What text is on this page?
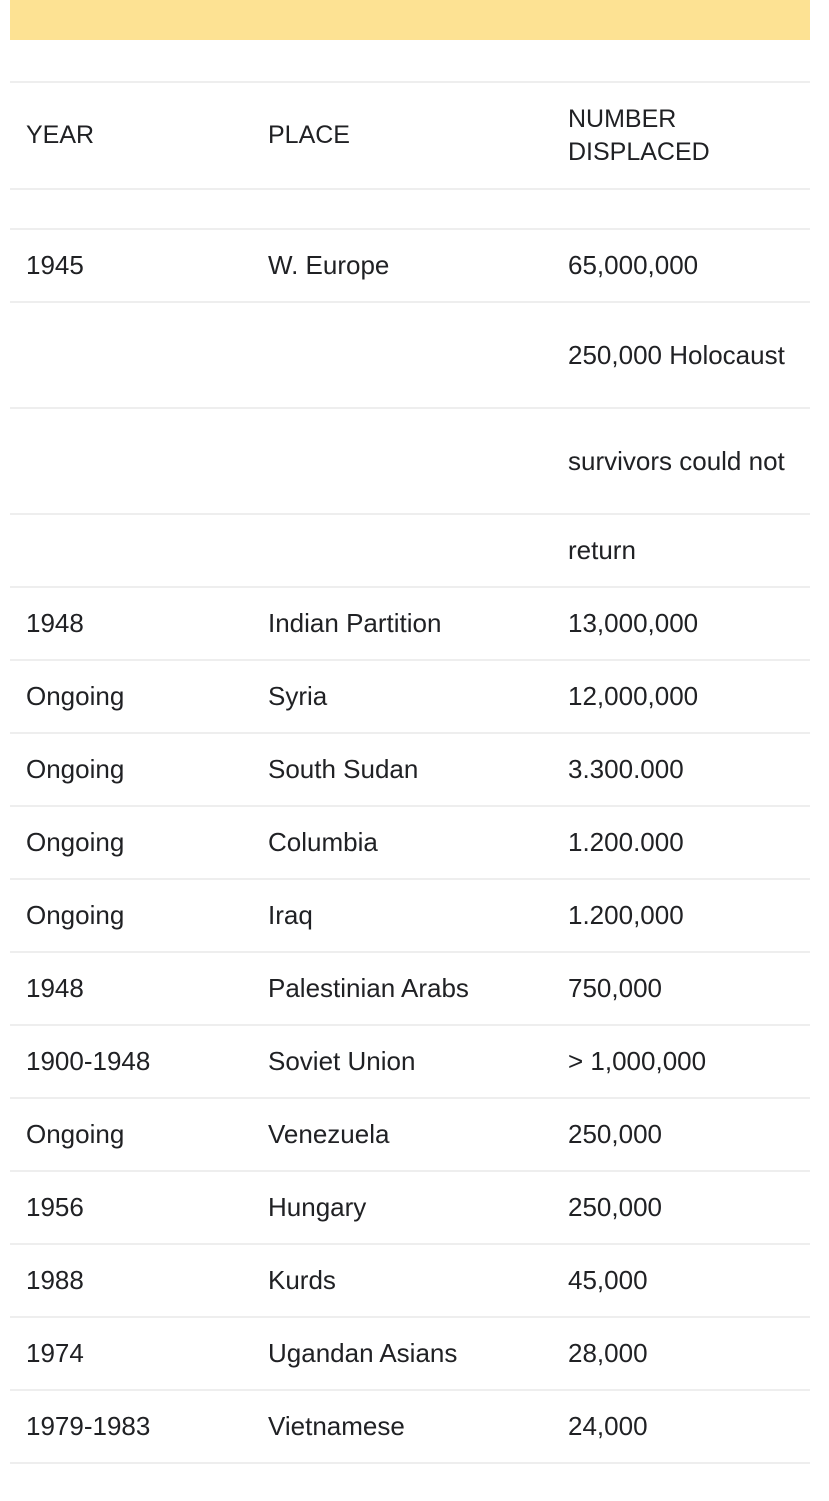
YEAR	PLACE	NUMBER DISPLACED

1945	W. Europe	65,000,000
		250,000 Holocaust
		survivors could not
		return
1948	Indian Partition	13,000,000
Ongoing	Syria	12,000,000
Ongoing	South Sudan	3.300.000
Ongoing	Columbia	1.200.000
Ongoing	Iraq	1.200,000
1948	Palestinian Arabs	750,000
1900-1948	Soviet Union	> 1,000,000
Ongoing	Venezuela	250,000
1956	Hungary	250,000
1988	Kurds	45,000
1974	Ugandan Asians	28,000
1979-1983	Vietnamese	24,000
